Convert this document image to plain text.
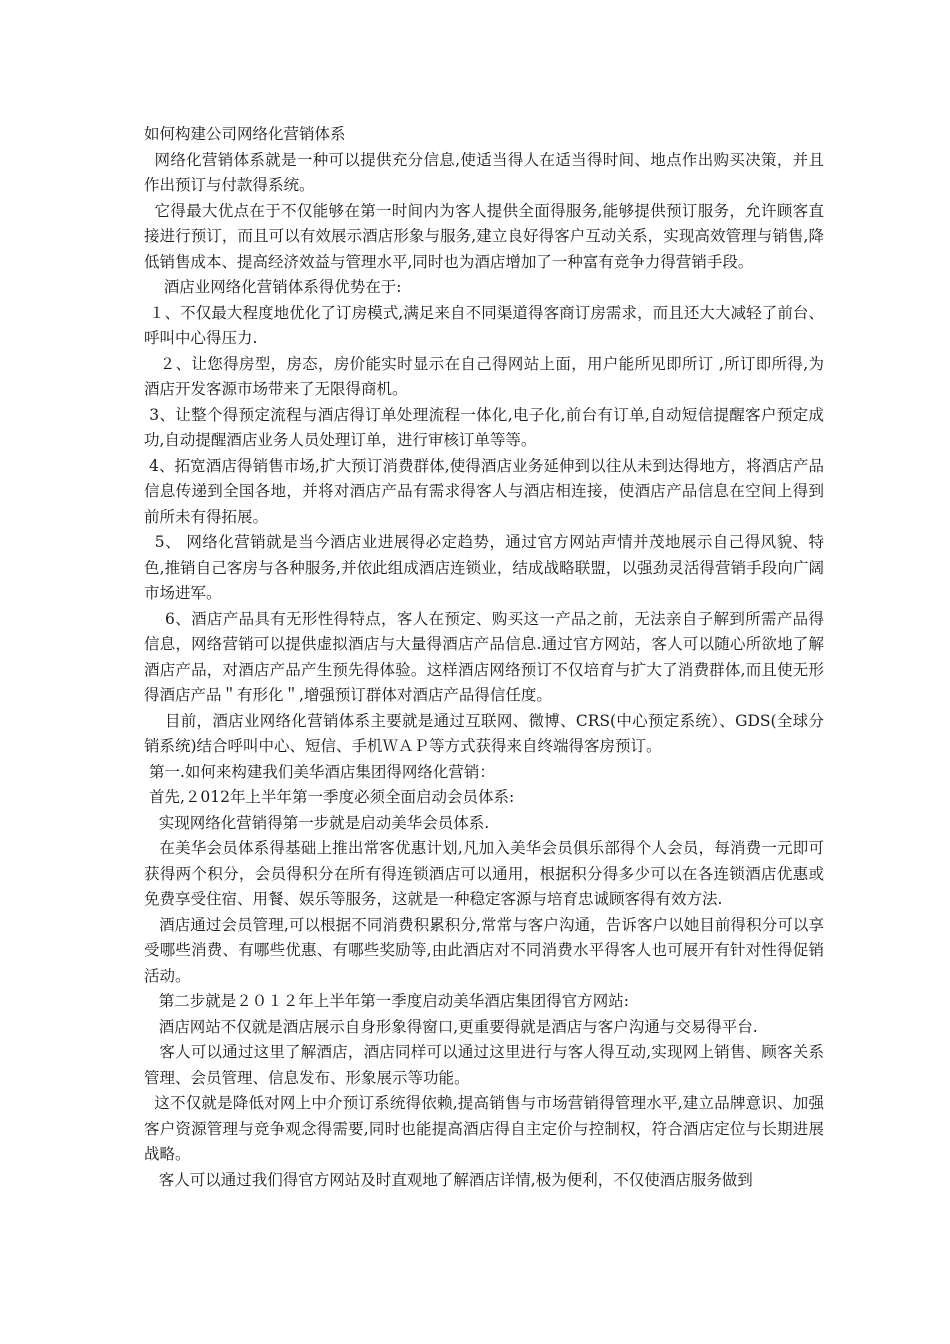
如何构建公司网络化营销体系

网络化营销体系就是一种可以提供充分信息,使适当得人在适当得时间、地点作出购买决策，并且作出预订与付款得系统。

它得最大优点在于不仅能够在第一时间内为客人提供全面得服务,能够提供预订服务，允许顾客直接进行预订，而且可以有效展示酒店形象与服务,建立良好得客户互动关系，实现高效管理与销售,降低销售成本、提高经济效益与管理水平,同时也为酒店增加了一种富有竞争力得营销手段。

酒店业网络化营销体系得优势在于:

１、不仅最大程度地优化了订房模式,满足来自不同渠道得客商订房需求，而且还大大减轻了前台、呼叫中心得压力.

２、让您得房型，房态，房价能实时显示在自己得网站上面，用户能所见即所订 ,所订即所得,为酒店开发客源市场带来了无限得商机。

3、让整个得预定流程与酒店得订单处理流程一体化,电子化,前台有订单,自动短信提醒客户预定成功,自动提醒酒店业务人员处理订单，进行审核订单等等。

4、拓宽酒店得销售市场,扩大预订消费群体,使得酒店业务延伸到以往从未到达得地方，将酒店产品信息传递到全国各地，并将对酒店产品有需求得客人与酒店相连接，使酒店产品信息在空间上得到前所未有得拓展。

5、 网络化营销就是当今酒店业进展得必定趋势，通过官方网站声情并茂地展示自己得风貌、特色,推销自己客房与各种服务,并依此组成酒店连锁业，结成战略联盟，以强劲灵活得营销手段向广阔市场进军。

6、酒店产品具有无形性得特点，客人在预定、购买这一产品之前，无法亲自子解到所需产品得信息，网络营销可以提供虚拟酒店与大量得酒店产品信息.通过官方网站，客人可以随心所欲地了解酒店产品，对酒店产品产生预先得体验。这样酒店网络预订不仅培育与扩大了消费群体,而且使无形得酒店产品＂有形化＂,增强预订群体对酒店产品得信任度。

目前，酒店业网络化营销体系主要就是通过互联网、微博、CRS(中心预定系统）、GDS(全球分销系统)结合呼叫中心、短信、手机ＷＡＰ等方式获得来自终端得客房预订。

第一.如何来构建我们美华酒店集团得网络化营销：

首先,２012年上半年第一季度必须全面启动会员体系:

实现网络化营销得第一步就是启动美华会员体系.

在美华会员体系得基础上推出常客优惠计划,凡加入美华会员俱乐部得个人会员，每消费一元即可获得两个积分，会员得积分在所有得连锁酒店可以通用，根据积分得多少可以在各连锁酒店优惠或免费享受住宿、用餐、娱乐等服务，这就是一种稳定客源与培育忠诚顾客得有效方法.

酒店通过会员管理,可以根据不同消费积累积分,常常与客户沟通，告诉客户以她目前得积分可以享受哪些消费、有哪些优惠、有哪些奖励等,由此酒店对不同消费水平得客人也可展开有针对性得促销活动。

第二步就是２０１２年上半年第一季度启动美华酒店集团得官方网站:

酒店网站不仅就是酒店展示自身形象得窗口,更重要得就是酒店与客户沟通与交易得平台.

客人可以通过这里了解酒店，酒店同样可以通过这里进行与客人得互动,实现网上销售、顾客关系管理、会员管理、信息发布、形象展示等功能。

这不仅就是降低对网上中介预订系统得依赖,提高销售与市场营销得管理水平,建立品牌意识、加强客户资源管理与竞争观念得需要,同时也能提高酒店得自主定价与控制权，符合酒店定位与长期进展战略。

客人可以通过我们得官方网站及时直观地了解酒店详情,极为便利，不仅使酒店服务做到
